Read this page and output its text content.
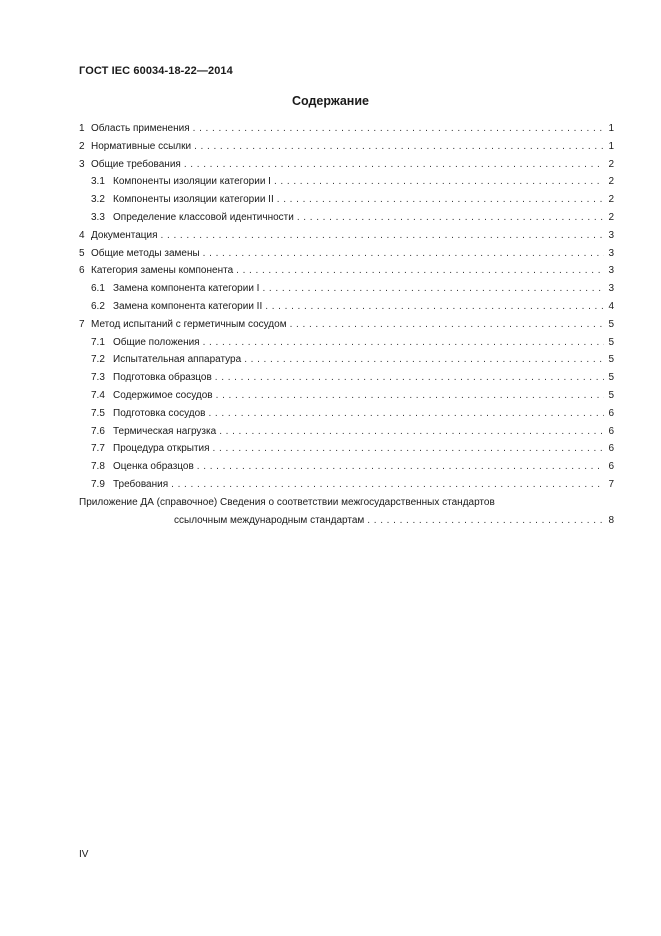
ГОСТ IEC 60034-18-22—2014
Содержание
1 Область применения . . .	1
2 Нормативные ссылки . . .	1
3 Общие требования . . .	2
3.1 Компоненты изоляции категории I . . .	2
3.2 Компоненты изоляции категории II . . .	2
3.3 Определение классовой идентичности . . .	2
4 Документация . . .	3
5 Общие методы замены . . .	3
6 Категория замены компонента . . .	3
6.1 Замена компонента категории I . . .	3
6.2 Замена компонента категории II . . .	4
7 Метод испытаний с герметичным сосудом . . .	5
7.1 Общие положения . . .	5
7.2 Испытательная аппаратура . . .	5
7.3 Подготовка образцов . . .	5
7.4 Содержимое сосудов . . .	5
7.5 Подготовка сосудов . . .	6
7.6 Термическая нагрузка . . .	6
7.7 Процедура открытия . . .	6
7.8 Оценка образцов . . .	6
7.9 Требования . . .	7
Приложение ДА (справочное) Сведения о соответствии межгосударственных стандартов
ссылочным международным стандартам . . .	8
IV
